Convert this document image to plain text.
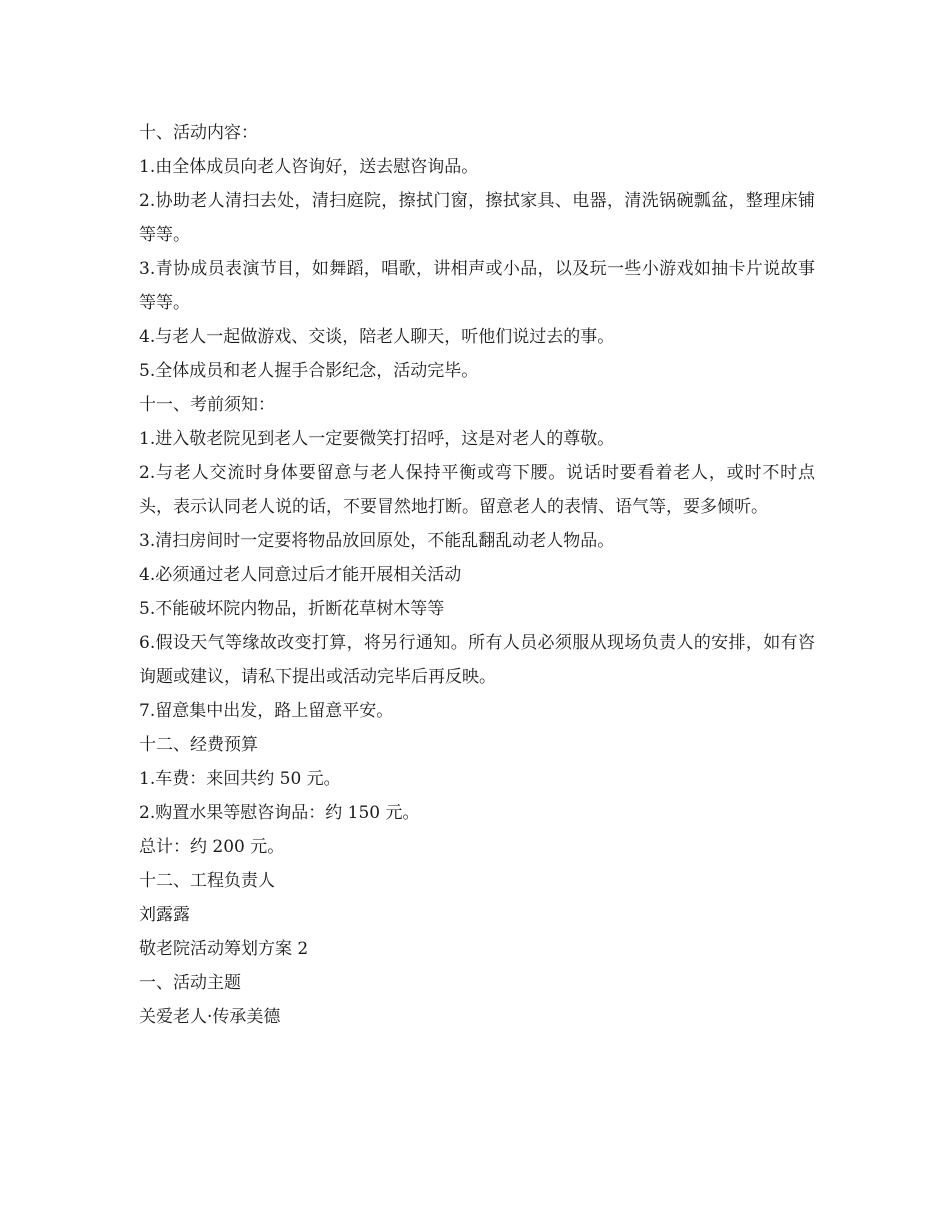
十、活动内容：
1.由全体成员向老人咨询好，送去慰咨询品。
2.协助老人清扫去处，清扫庭院，擦拭门窗，擦拭家具、电器，清洗锅碗瓢盆，整理床铺等等。
3.青协成员表演节目，如舞蹈，唱歌，讲相声或小品，以及玩一些小游戏如抽卡片说故事等等。
4.与老人一起做游戏、交谈，陪老人聊天，听他们说过去的事。
5.全体成员和老人握手合影纪念，活动完毕。
十一、考前须知：
1.进入敬老院见到老人一定要微笑打招呼，这是对老人的尊敬。
2.与老人交流时身体要留意与老人保持平衡或弯下腰。说话时要看着老人，或时不时点头，表示认同老人说的话，不要冒然地打断。留意老人的表情、语气等，要多倾听。
3.清扫房间时一定要将物品放回原处，不能乱翻乱动老人物品。
4.必须通过老人同意过后才能开展相关活动
5.不能破坏院内物品，折断花草树木等等
6.假设天气等缘故改变打算，将另行通知。所有人员必须服从现场负责人的安排，如有咨询题或建议，请私下提出或活动完毕后再反映。
7.留意集中出发，路上留意平安。
十二、经费预算
1.车费：来回共约 50 元。
2.购置水果等慰咨询品：约 150 元。
总计：约 200 元。
十二、工程负责人
刘露露
敬老院活动筹划方案 2
一、活动主题
关爱老人·传承美德
